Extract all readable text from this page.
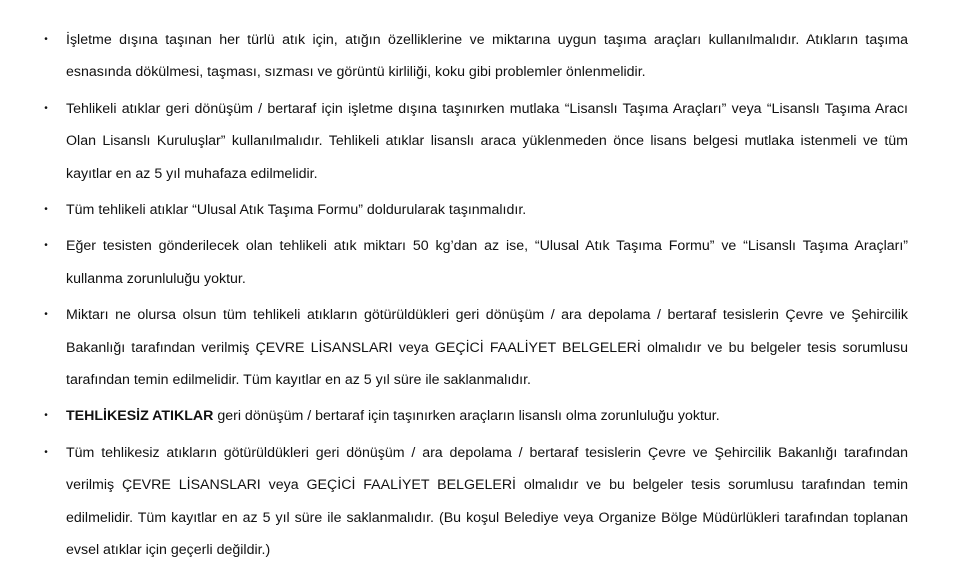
• İşletme dışına taşınan her türlü atık için, atığın özelliklerine ve miktarına uygun taşıma araçları kullanılmalıdır. Atıkların taşıma esnasında dökülmesi, taşması, sızması ve görüntü kirliliği, koku gibi problemler önlenmelidir.
• Tehlikeli atıklar geri dönüşüm / bertaraf için işletme dışına taşınırken mutlaka “Lisanslı Taşıma Araçları” veya “Lisanslı Taşıma Aracı Olan Lisanslı Kuruluşlar” kullanılmalıdır. Tehlikeli atıklar lisanslı araca yüklenmeden önce lisans belgesi mutlaka istenmeli ve tüm kayıtlar en az 5 yıl muhafaza edilmelidir.
• Tüm tehlikeli atıklar “Ulusal Atık Taşıma Formu” doldurularak taşınmalıdır.
• Eğer tesisten gönderilecek olan tehlikeli atık miktarı 50 kg’dan az ise, “Ulusal Atık Taşıma Formu” ve “Lisanslı Taşıma Araçları” kullanma zorunluluğu yoktur.
• Miktarı ne olursa olsun tüm tehlikeli atıkların götürüldükleri geri dönüşüm / ara depolama / bertaraf tesislerin Çevre ve Şehircilik Bakanlığı tarafından verilmiş ÇEVRE LİSANSLARI veya GEÇİCİ FAALİYET BELGELERİ olmalıdır ve bu belgeler tesis sorumlusu tarafından temin edilmelidir. Tüm kayıtlar en az 5 yıl süre ile saklanmalıdır.
• TEHLİKESİZ ATIKLAR geri dönüşüm / bertaraf için taşınırken araçların lisanslı olma zorunluluğu yoktur.
• Tüm tehlikesiz atıkların götürüldükleri geri dönüşüm / ara depolama / bertaraf tesislerin Çevre ve Şehircilik Bakanlığı tarafından verilmiş ÇEVRE LİSANSLARI veya GEÇİCİ FAALİYET BELGELERİ olmalıdır ve bu belgeler tesis sorumlusu tarafından temin edilmelidir. Tüm kayıtlar en az 5 yıl süre ile saklanmalıdır. (Bu koşul Belediye veya Organize Bölge Müdürlükleri tarafından toplanan evsel atıklar için geçerli değildir.)
